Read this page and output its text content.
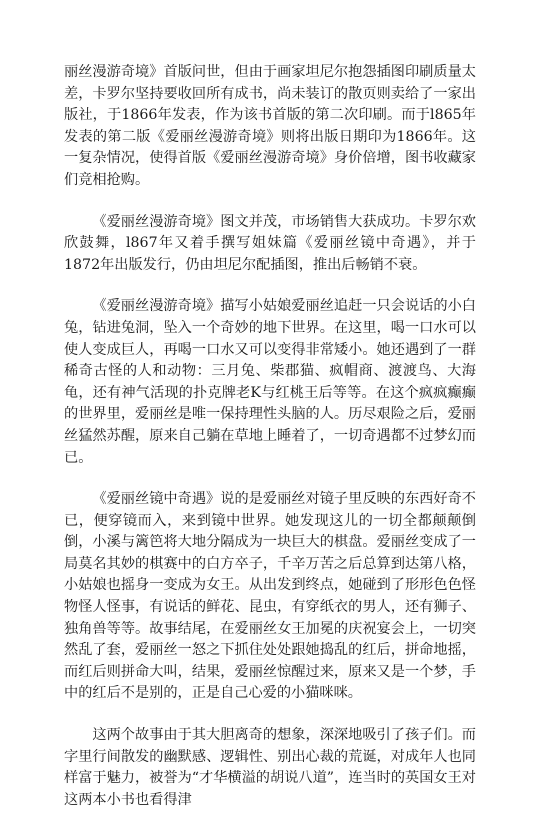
丽丝漫游奇境》首版问世，但由于画家坦尼尔抱怨插图印刷质量太差，卡罗尔坚持要收回所有成书，尚未装订的散页则卖给了一家出版社，于1866年发表，作为该书首版的第二次印刷。而于l865年发表的第二版《爱丽丝漫游奇境》则将出版日期印为1866年。这一复杂情况，使得首版《爱丽丝漫游奇境》身价倍增，图书收藏家们竞相抢购。

《爱丽丝漫游奇境》图文并茂，市场销售大获成功。卡罗尔欢欣鼓舞，l867年又着手撰写姐妹篇《爱丽丝镜中奇遇》，并于1872年出版发行，仍由坦尼尔配插图，推出后畅销不衰。

《爱丽丝漫游奇境》描写小姑娘爱丽丝追赶一只会说话的小白兔，钻进兔洞，坠入一个奇妙的地下世界。在这里，喝一口水可以使人变成巨人，再喝一口水又可以变得非常矮小。她还遇到了一群稀奇古怪的人和动物：三月兔、柴郡猫、疯帽商、渡渡鸟、大海龟，还有神气活现的扑克牌老K与红桃王后等等。在这个疯疯癫癫的世界里，爱丽丝是唯一保持理性头脑的人。历尽艰险之后，爱丽丝猛然苏醒，原来自己躺在草地上睡着了，一切奇遇都不过梦幻而已。

《爱丽丝镜中奇遇》说的是爱丽丝对镜子里反映的东西好奇不已，便穿镜而入，来到镜中世界。她发现这儿的一切全都颠颠倒倒，小溪与篱笆将大地分隔成为一块巨大的棋盘。爱丽丝变成了一局莫名其妙的棋赛中的白方卒子，千辛万苦之后总算到达第八格，小姑娘也摇身一变成为女王。从出发到终点，她碰到了形形色色怪物怪人怪事，有说话的鲜花、昆虫，有穿纸衣的男人，还有狮子、独角兽等等。故事结尾，在爱丽丝女王加冕的庆祝宴会上，一切突然乱了套，爱丽丝一怒之下抓住处处跟她捣乱的红后，拼命地摇，而红后则拼命大叫，结果，爱丽丝惊醒过来，原来又是一个梦，手中的红后不是别的，正是自己心爱的小猫咪咪。

这两个故事由于其大胆离奇的想象，深深地吸引了孩子们。而字里行间散发的幽默感、逻辑性、别出心裁的荒诞，对成年人也同样富于魅力，被誉为“才华横溢的胡说八道”，连当时的英国女王对这两本小书也看得津
